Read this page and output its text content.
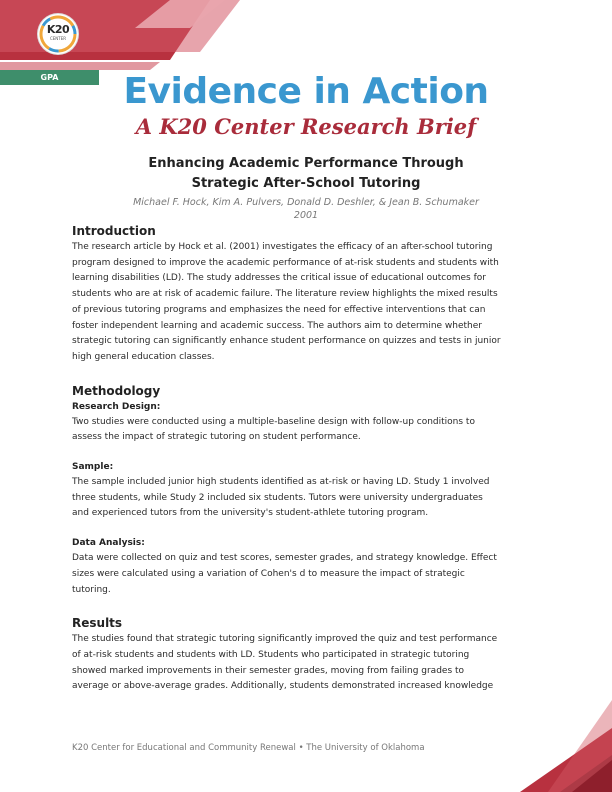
K20
CENTER
GPA	Evidence in Action
A K20 Center Research Brief
Enhancing Academic Performance Through
Strategic After-School Tutoring
Michael F. Hock, Kim A. Pulvers, Donald D. Deshler, & Jean B. Schumaker
2001
Introduction

The research article by Hock et al. (2001) investigates the efficacy of an after-school tutoring

program designed to improve the academic performance of at-risk students and students with

learning disabilities (LD). The study addresses the critical issue of educational outcomes for

students who are at risk of academic failure. The literature review highlights the mixed results

of previous tutoring programs and emphasizes the need for effective interventions that can

foster independent learning and academic success. The authors aim to determine whether

strategic tutoring can significantly enhance student performance on quizzes and tests in junior

high general education classes.

Methodology
Research Design:

Two studies were conducted using a multiple-baseline design with follow-up conditions to

assess the impact of strategic tutoring on student performance.

Sample:

The sample included junior high students identified as at-risk or having LD. Study 1 involved

three students, while Study 2 included six students. Tutors were university undergraduates

and experienced tutors from the university's student-athlete tutoring program.

Data Analysis:

Data were collected on quiz and test scores, semester grades, and strategy knowledge. Effect

sizes were calculated using a variation of Cohen's d to measure the impact of strategic

tutoring.

Results

The studies found that strategic tutoring significantly improved the quiz and test performance

of at-risk students and students with LD. Students who participated in strategic tutoring

showed marked improvements in their semester grades, moving from failing grades to

average or above-average grades. Additionally, students demonstrated increased knowledge

K20 Center for Educational and Community Renewal • The University of Oklahoma
